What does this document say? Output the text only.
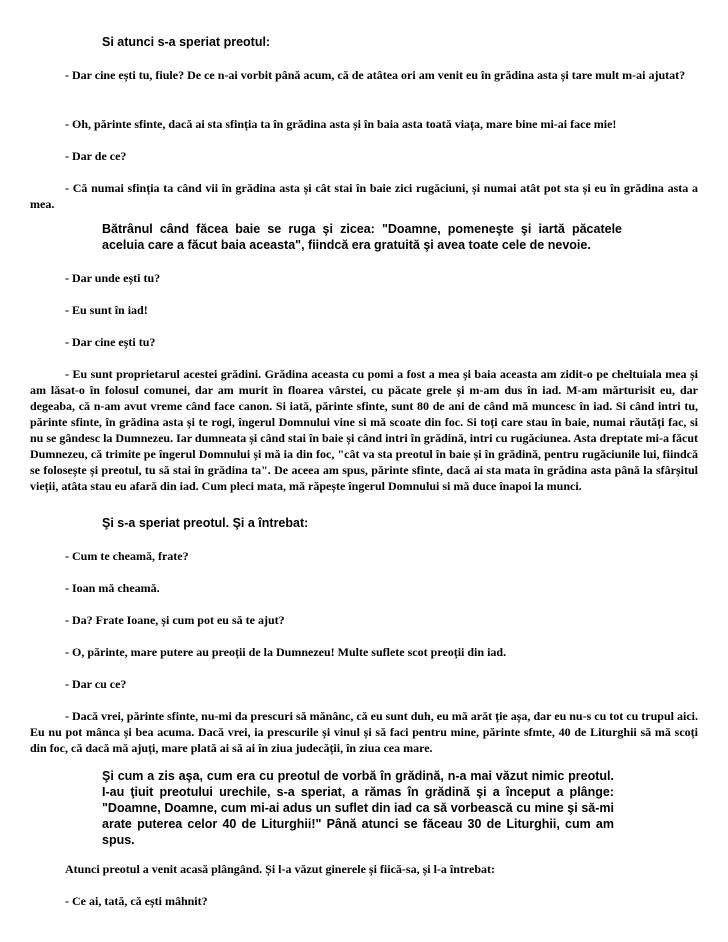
Si atunci s-a speriat preotul:

- Dar cine ești tu, fiule? De ce n-ai vorbit până acum, că de atâtea ori am venit eu în grădina asta și tare mult m-ai ajutat?

- Oh, părinte sfinte, dacă ai sta sfinția ta în grădina asta și în baia asta toată viața, mare bine mi-ai face mie!

- Dar de ce?

- Că numai sfinția ta când vii în grădina asta și cât stai în baie zici rugăciuni, și numai atât pot sta și eu în grădina asta a mea.

Bătrânul când făcea baie se ruga şi zicea: "Doamne, pomeneşte şi iartă păcatele aceluia care a făcut baia aceasta", fiindcă era gratuită şi avea toate cele de nevoie.

- Dar unde ești tu?

- Eu sunt în iad!

- Dar cine ești tu?

- Eu sunt proprietarul acestei grădini. Grădina aceasta cu pomi a fost a mea și baia aceasta am zidit-o pe cheltuiala mea și am lăsat-o în folosul comunei, dar am murit în floarea vârstei, cu păcate grele și m-am dus în iad. M-am mărturisit eu, dar degeaba, că n-am avut vreme când face canon. Si iată, părinte sfinte, sunt 80 de ani de când mă muncesc în iad. Si când intri tu, părinte sfinte, în grădina asta și te rogi, îngerul Domnului vine si mă scoate din foc. Si toți care stau în baie, numai răutăți fac, si nu se gândesc la Dumnezeu. Iar dumneata și când stai în baie și când intri în grădină, intri cu rugăciunea. Asta dreptate mi-a făcut Dumnezeu, că trimite pe îngerul Domnului și mă ia din foc, "cât va sta preotul în baie și în grădină, pentru rugăciunile lui, fiindcă se folosește și preotul, tu să stai în grădina ta". De aceea am spus, părinte sfinte, dacă ai sta mata în grădina asta până la sfârșitul vieții, atâta stau eu afară din iad. Cum pleci mata, mă răpește îngerul Domnului si mă duce înapoi la munci.

Şi s-a speriat preotul. Şi a întrebat:

- Cum te cheamă, frate?

- Ioan mă cheamă.

- Da? Frate Ioane, și cum pot eu să te ajut?

- O, părinte, mare putere au preoții de la Dumnezeu! Multe suflete scot preoții din iad.

- Dar cu ce?

- Dacă vrei, părinte sfinte, nu-mi da prescuri să mănânc, că eu sunt duh, eu mă arăt ție așa, dar eu nu-s cu tot cu trupul aici. Eu nu pot mânca și bea acuma. Dacă vrei, ia prescurile și vinul și să faci pentru mine, părinte sfmte, 40 de Liturghii să mă scoți din foc, că dacă mă ajuți, mare plată ai să ai în ziua judecății, în ziua cea mare.

Şi cum a zis aşa, cum era cu preotul de vorbă în grădină, n-a mai văzut nimic preotul. I-au ţiuit preotului urechile, s-a speriat, a rămas în grădină şi a început a plânge: "Doamne, Doamne, cum mi-ai adus un suflet din iad ca să vorbească cu mine şi să-mi arate puterea celor 40 de Liturghii!" Până atunci se făceau 30 de Liturghii, cum am spus.

Atunci preotul a venit acasă plângând. Și l-a văzut ginerele și fiică-sa, și l-a întrebat:

- Ce ai, tată, că ești mâhnit?
